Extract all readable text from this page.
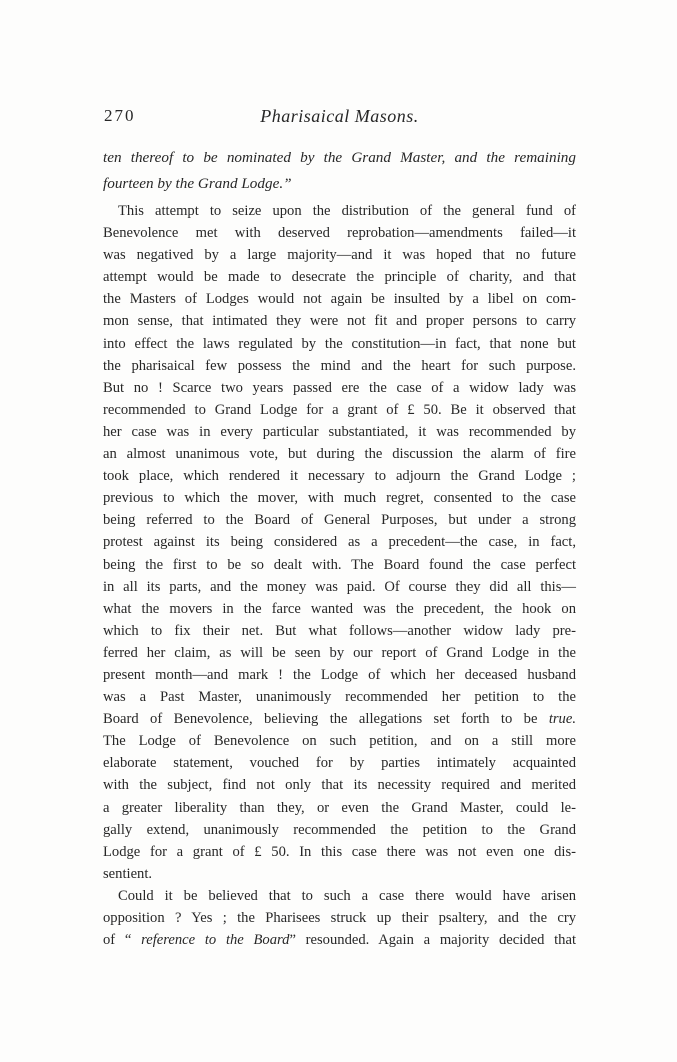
270	Pharisaical Masons.
ten thereof to be nominated by the Grand Master, and the remaining
fourteen by the Grand Lodge.”
This attempt to seize upon the distribution of the general fund of
Benevolence met with deserved reprobation—amendments failed—it
was negatived by a large majority—and it was hoped that no future
attempt would be made to desecrate the principle of charity, and that
the Masters of Lodges would not again be insulted by a libel on com-
mon sense, that intimated they were not fit and proper persons to carry
into effect the laws regulated by the constitution—in fact, that none but
the pharisaical few possess the mind and the heart for such purpose.
But no ! Scarce two years passed ere the case of a widow lady was
recommended to Grand Lodge for a grant of £ 50. Be it observed that
her case was in every particular substantiated, it was recommended by
an almost unanimous vote, but during the discussion the alarm of fire
took place, which rendered it necessary to adjourn the Grand Lodge ;
previous to which the mover, with much regret, consented to the case
being referred to the Board of General Purposes, but under a strong
protest against its being considered as a precedent—the case, in fact,
being the first to be so dealt with. The Board found the case perfect
in all its parts, and the money was paid. Of course they did all this—
what the movers in the farce wanted was the precedent, the hook on
which to fix their net. But what follows—another widow lady pre-
ferred her claim, as will be seen by our report of Grand Lodge in the
present month—and mark ! the Lodge of which her deceased husband
was a Past Master, unanimously recommended her petition to the
Board of Benevolence, believing the allegations set forth to be true.
The Lodge of Benevolence on such petition, and on a still more
elaborate statement, vouched for by parties intimately acquainted
with the subject, find not only that its necessity required and merited
a greater liberality than they, or even the Grand Master, could le-
gally extend, unanimously recommended the petition to the Grand
Lodge for a grant of £ 50. In this case there was not even one dis-
sentient.
Could it be believed that to such a case there would have arisen
opposition ? Yes ; the Pharisees struck up their psaltery, and the cry
of “ reference to the Board” resounded. Again a majority decided that
